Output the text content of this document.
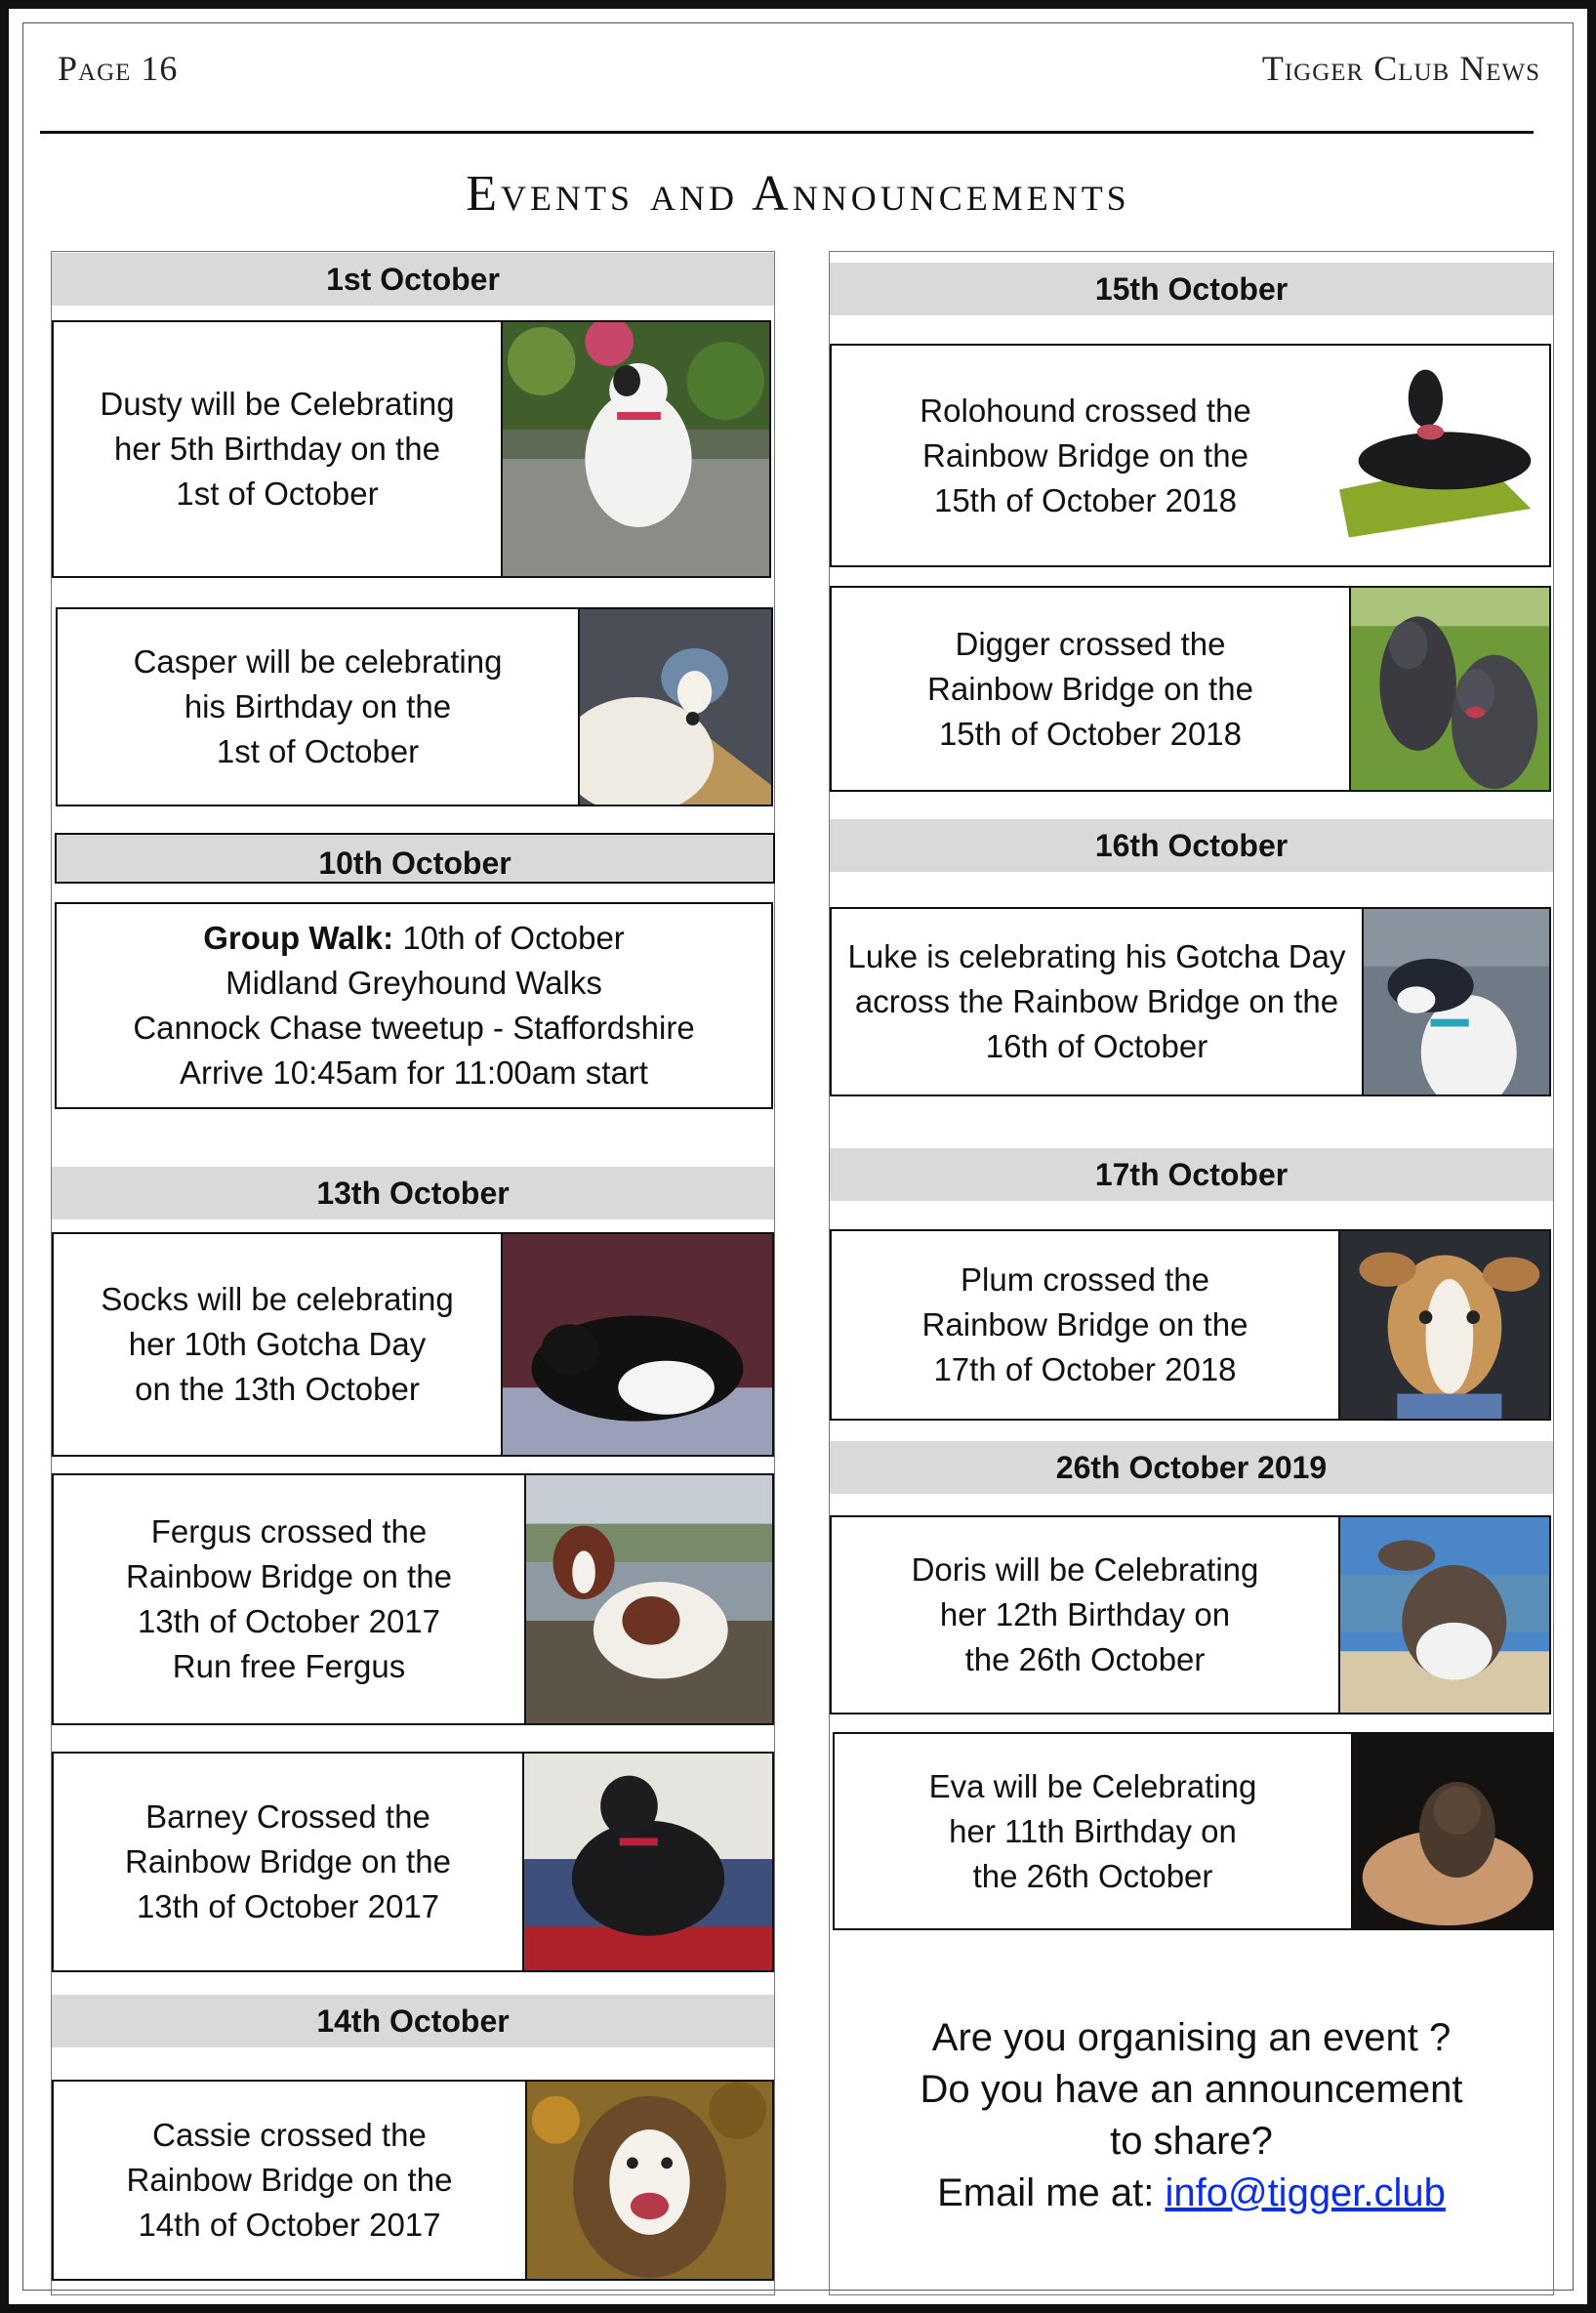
Page 16	Tigger Club News
Events and Announcements
1st October
Dusty will be Celebrating
her 5th Birthday on the
1st of October
Casper will be celebrating
his Birthday on the
1st of October
10th October
Group Walk: 10th of October
Midland Greyhound Walks
Cannock Chase tweetup - Staffordshire
Arrive 10:45am for 11:00am start
13th October
Socks will be celebrating
her 10th Gotcha Day
on the 13th October
Fergus crossed the
Rainbow Bridge on the
13th of October 2017
Run free Fergus
Barney Crossed the
Rainbow Bridge on the
13th of October 2017
14th October
Cassie crossed the
Rainbow Bridge on the
14th of October 2017
15th October
Rolohound crossed the
Rainbow Bridge on the
15th of October 2018
Digger crossed the
Rainbow Bridge on the
15th of October 2018
16th October
Luke is celebrating his Gotcha Day
across the Rainbow Bridge on the
16th of October
17th October
Plum crossed the
Rainbow Bridge on the
17th of October 2018
26th October 2019
Doris will be Celebrating
her 12th Birthday on
the 26th October
Eva will be Celebrating
her 11th Birthday on
the 26th October
Are you organising an event ?
Do you have an announcement
to share?
Email me at: info@tigger.club
